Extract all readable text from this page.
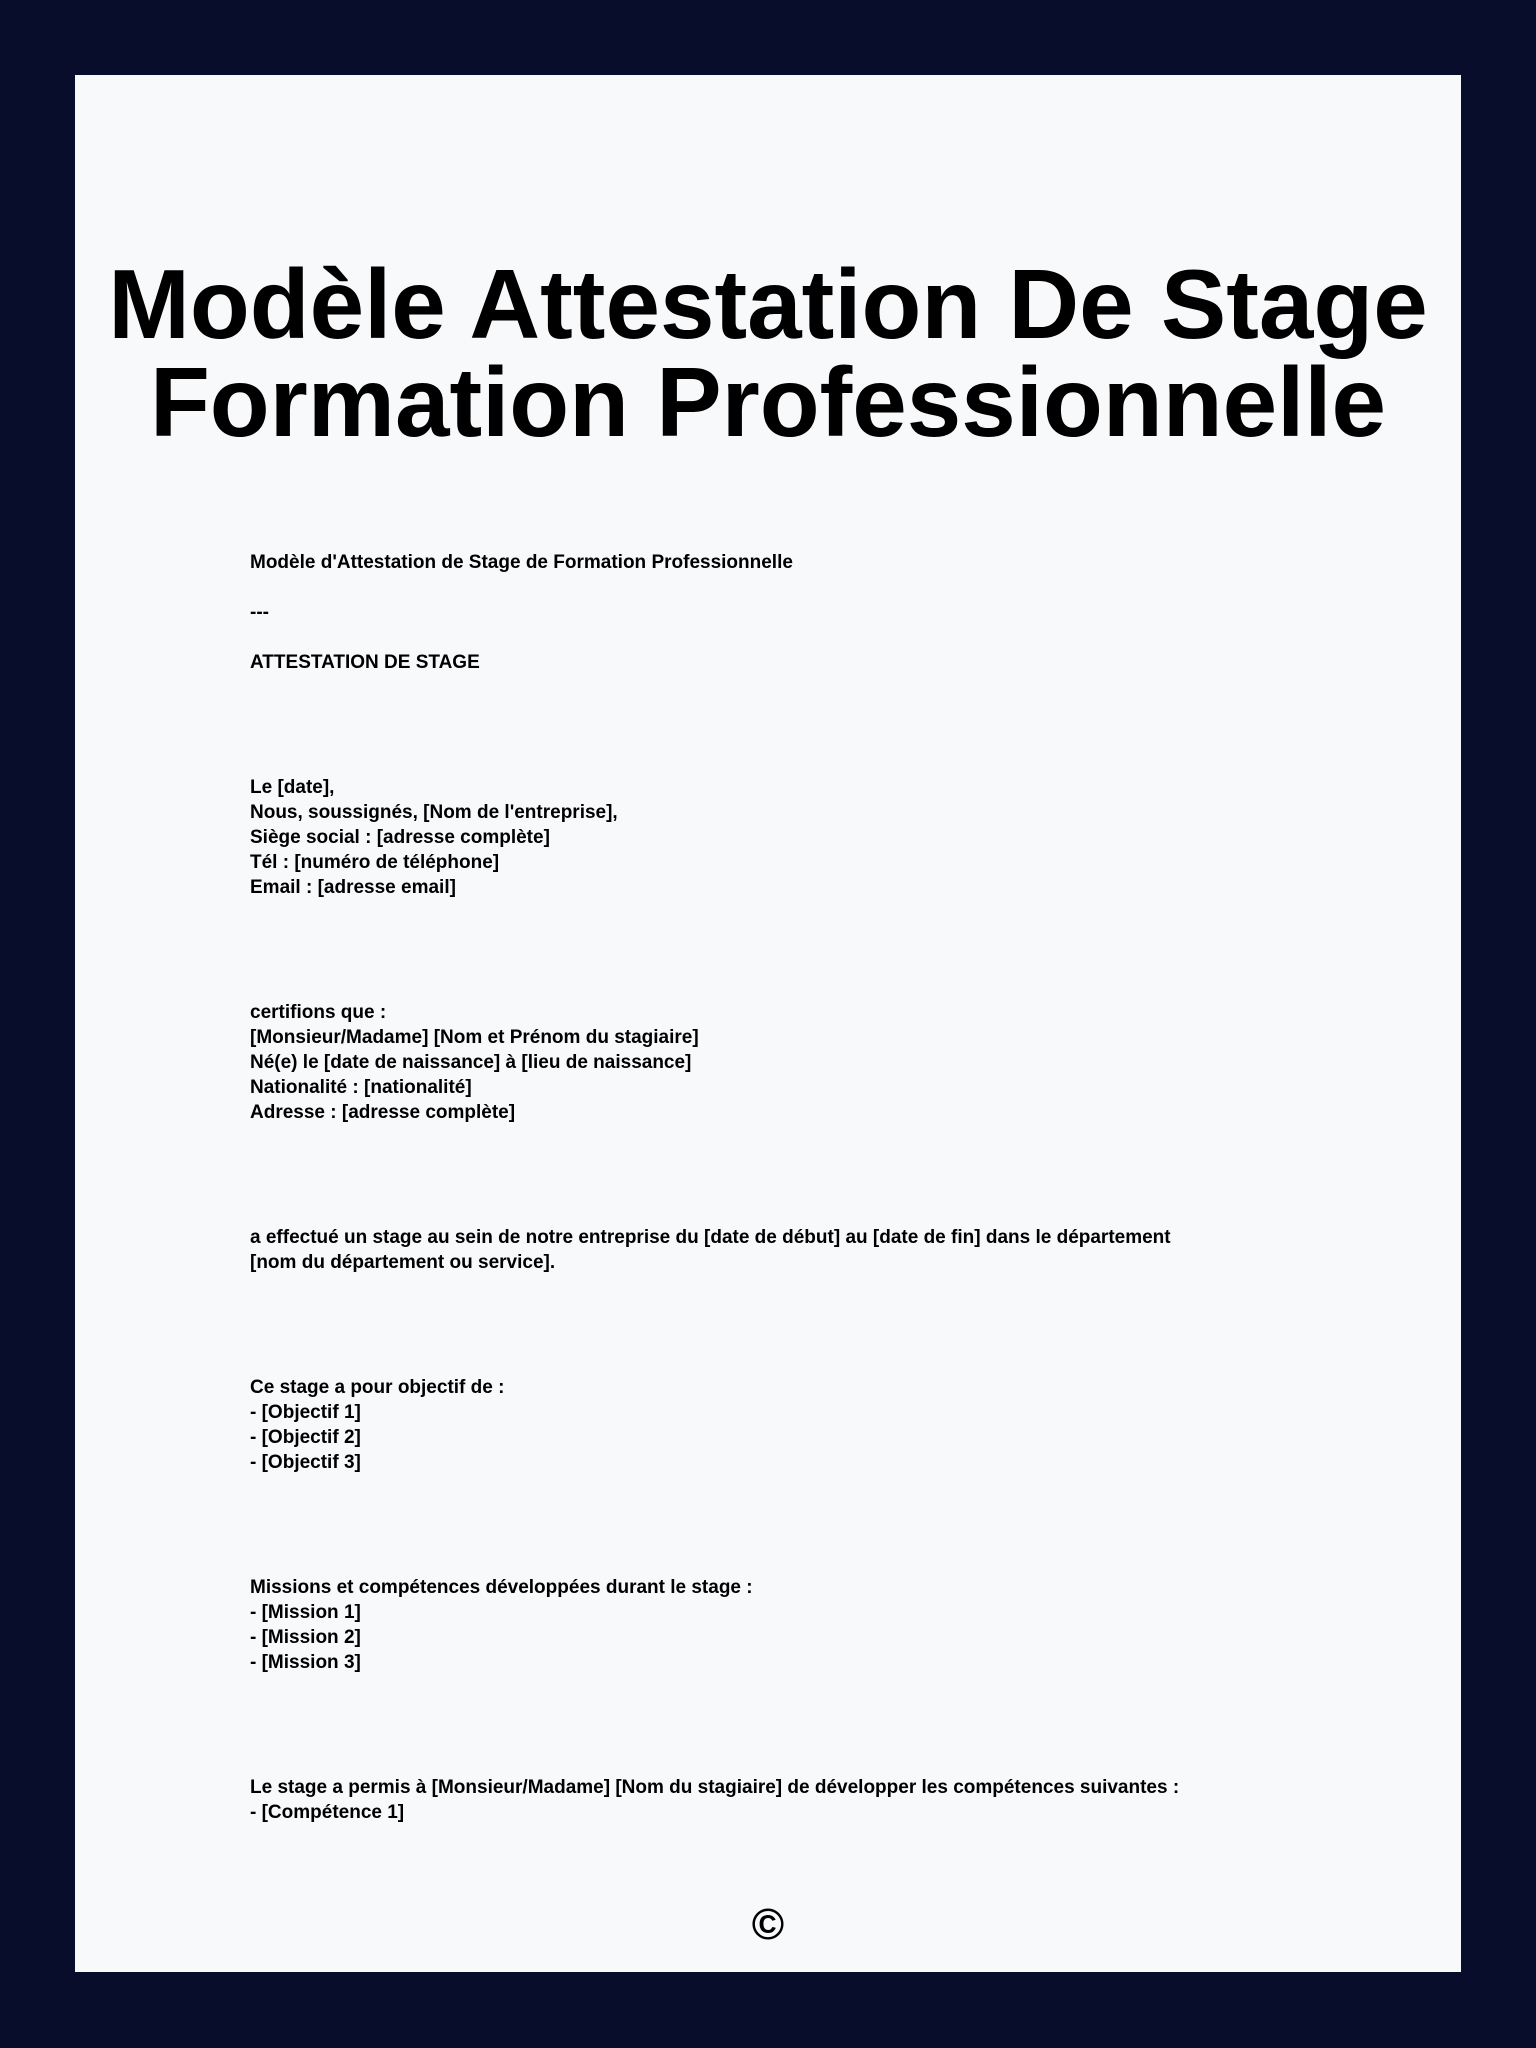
Modèle Attestation De Stage
Formation Professionnelle
Modèle d'Attestation de Stage de Formation Professionnelle
---
ATTESTATION DE STAGE
Le [date],
Nous, soussignés, [Nom de l'entreprise],
Siège social : [adresse complète]
Tél : [numéro de téléphone]
Email : [adresse email]
certifions que :
[Monsieur/Madame] [Nom et Prénom du stagiaire]
Né(e) le [date de naissance] à [lieu de naissance]
Nationalité : [nationalité]
Adresse : [adresse complète]
a effectué un stage au sein de notre entreprise du [date de début] au [date de fin] dans le département
[nom du département ou service].
Ce stage a pour objectif de :
- [Objectif 1]
- [Objectif 2]
- [Objectif 3]
Missions et compétences développées durant le stage :
- [Mission 1]
- [Mission 2]
- [Mission 3]
Le stage a permis à [Monsieur/Madame] [Nom du stagiaire] de développer les compétences suivantes :
- [Compétence 1]
©
